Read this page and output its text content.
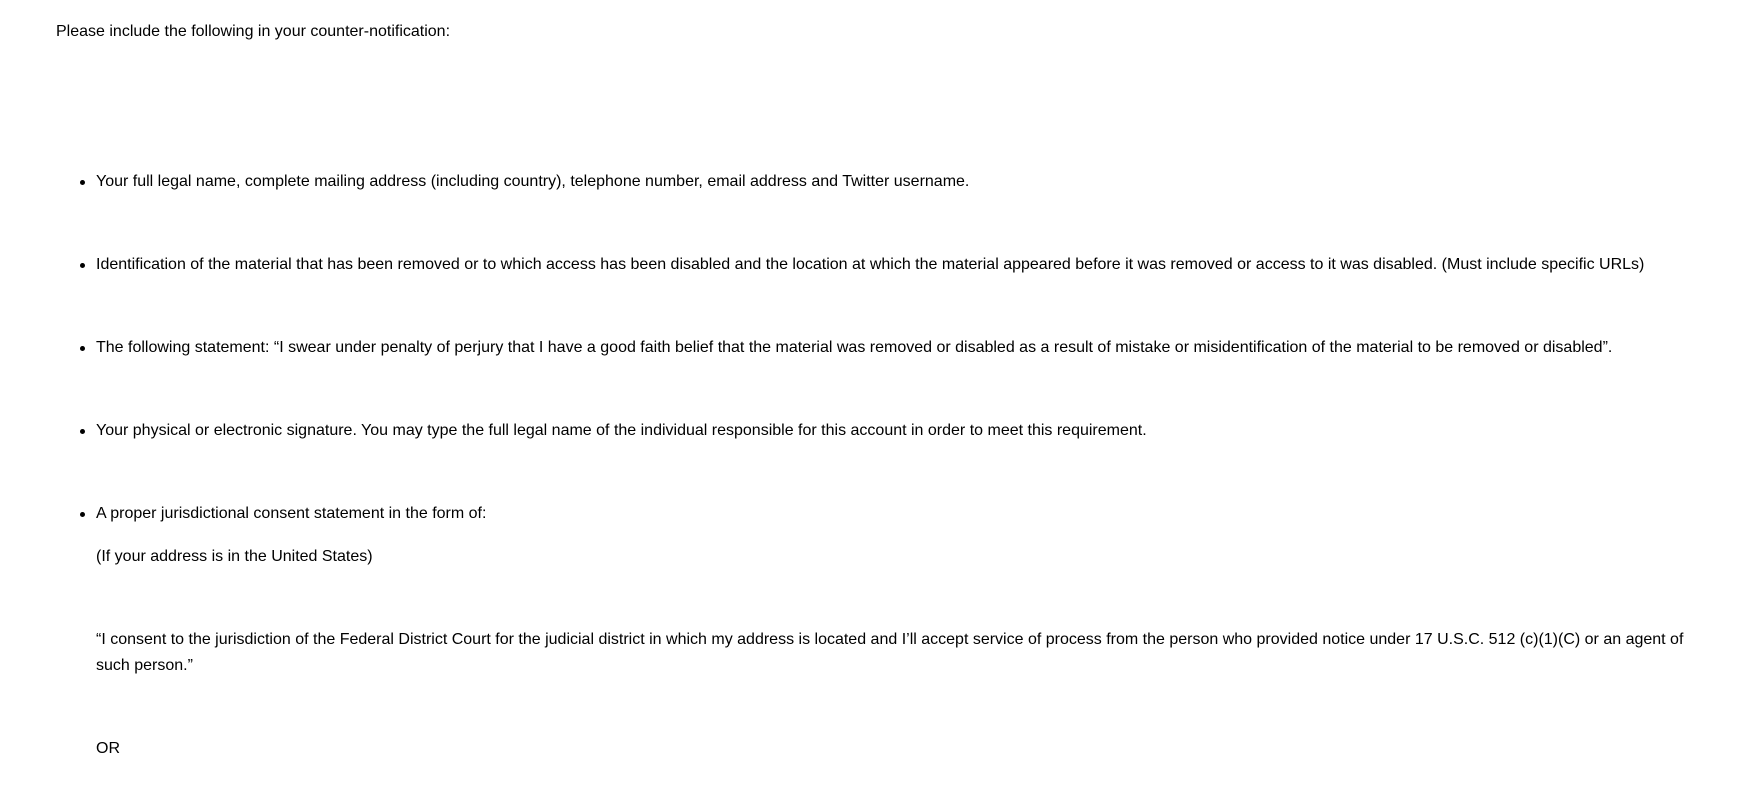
Please include the following in your counter-notification:
Your full legal name, complete mailing address (including country), telephone number, email address and Twitter username.
Identification of the material that has been removed or to which access has been disabled and the location at which the material appeared before it was removed or access to it was disabled. (Must include specific URLs)
The following statement: “I swear under penalty of perjury that I have a good faith belief that the material was removed or disabled as a result of mistake or misidentification of the material to be removed or disabled”.
Your physical or electronic signature. You may type the full legal name of the individual responsible for this account in order to meet this requirement.
A proper jurisdictional consent statement in the form of:
(If your address is in the United States)
“I consent to the jurisdiction of the Federal District Court for the judicial district in which my address is located and I’ll accept service of process from the person who provided notice under 17 U.S.C. 512 (c)(1)(C) or an agent of such person.”
OR
